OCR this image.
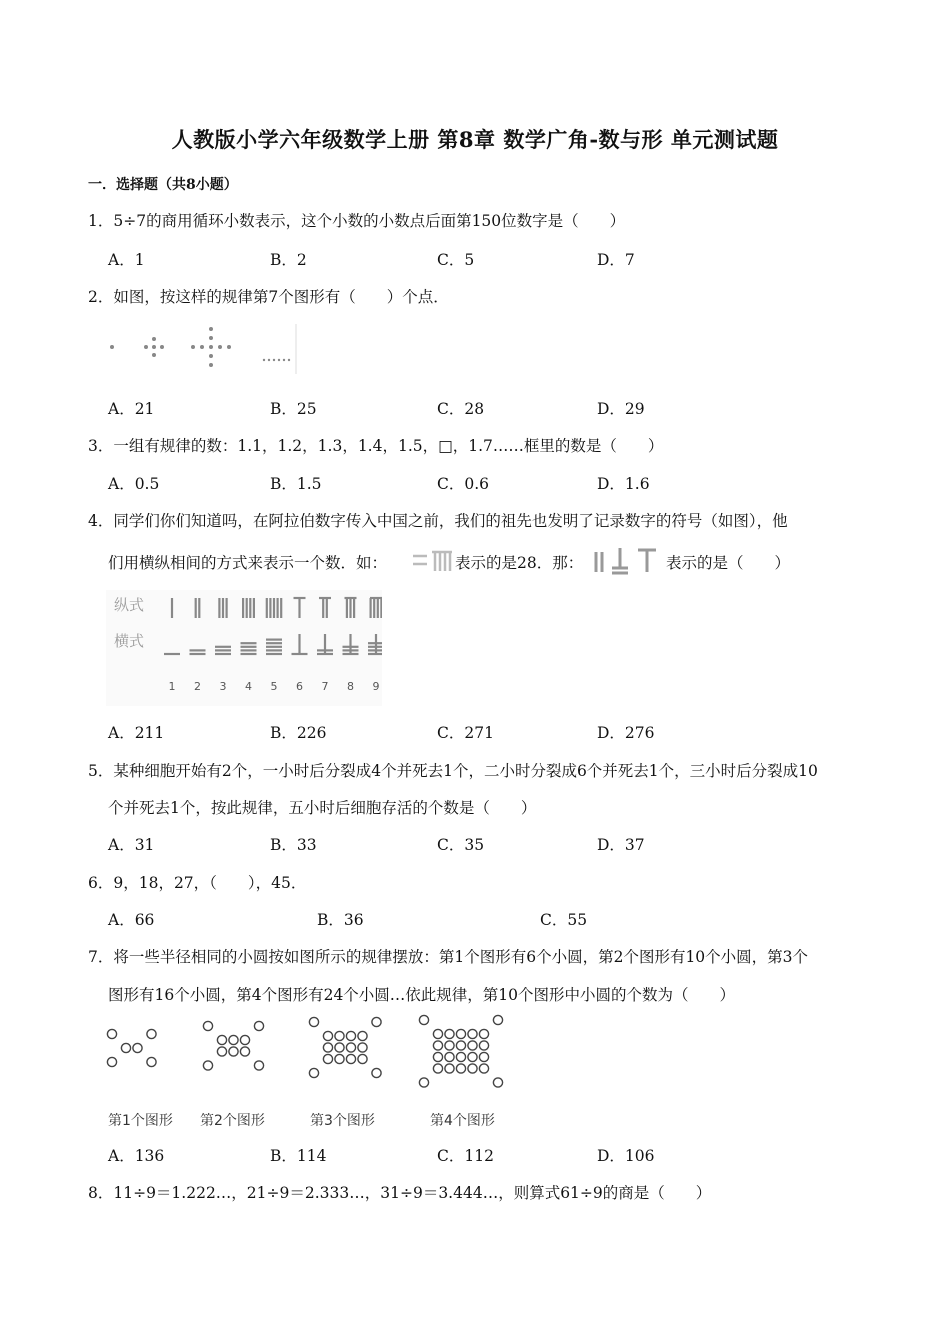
人教版小学六年级数学上册 第8章 数学广角-数与形 单元测试题
一．选择题（共8小题）
1．5÷7的商用循环小数表示，这个小数的小数点后面第150位数字是（　　）
A．1	B．2	C．5	D．7
2．如图，按这样的规律第7个图形有（　　）个点．
A．21	B．25	C．28	D．29
3．一组有规律的数：1.1，1.2，1.3，1.4，1.5，□，1.7……框里的数是（　　）
A．0.5	B．1.5	C．0.6	D．1.6
4．同学们你们知道吗，在阿拉伯数字传入中国之前，我们的祖先也发明了记录数字的符号（如图），他
们用横纵相间的方式来表示一个数．如：	表示的是28．那：	表示的是（　　）
纵式
横式
1 2 3 4 5 6 7 8 9
A．211	B．226	C．271	D．276
5．某种细胞开始有2个，一小时后分裂成4个并死去1个，二小时分裂成6个并死去1个，三小时后分裂成10
个并死去1个，按此规律，五小时后细胞存活的个数是（　　）
A．31	B．33	C．35	D．37
6．9，18，27，（　　），45．
A．66	B．36	C．55
7．将一些半径相同的小圆按如图所示的规律摆放：第1个图形有6个小圆，第2个图形有10个小圆，第3个
图形有16个小圆，第4个图形有24个小圆…依此规律，第10个图形中小圆的个数为（　　）
第1个图形 第2个图形	第3个图形	第4个图形
A．136	B．114	C．112	D．106
8．11÷9＝1.222…，21÷9＝2.333…，31÷9＝3.444…，则算式61÷9的商是（　　）
